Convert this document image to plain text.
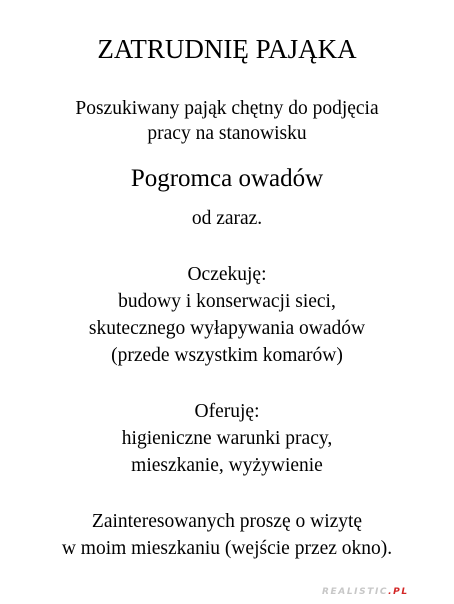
ZATRUDNIĘ PAJĄKA
Poszukiwany pająk chętny do podjęcia
pracy na stanowisku
Pogromca owadów
od zaraz.
Oczekuję:
budowy i konserwacji sieci,
skutecznego wyłapywania owadów
(przede wszystkim komarów)
Oferuję:
higieniczne warunki pracy,
mieszkanie, wyżywienie
Zainteresowanych proszę o wizytę
w moim mieszkaniu (wejście przez okno).
REALISTIC.PL
